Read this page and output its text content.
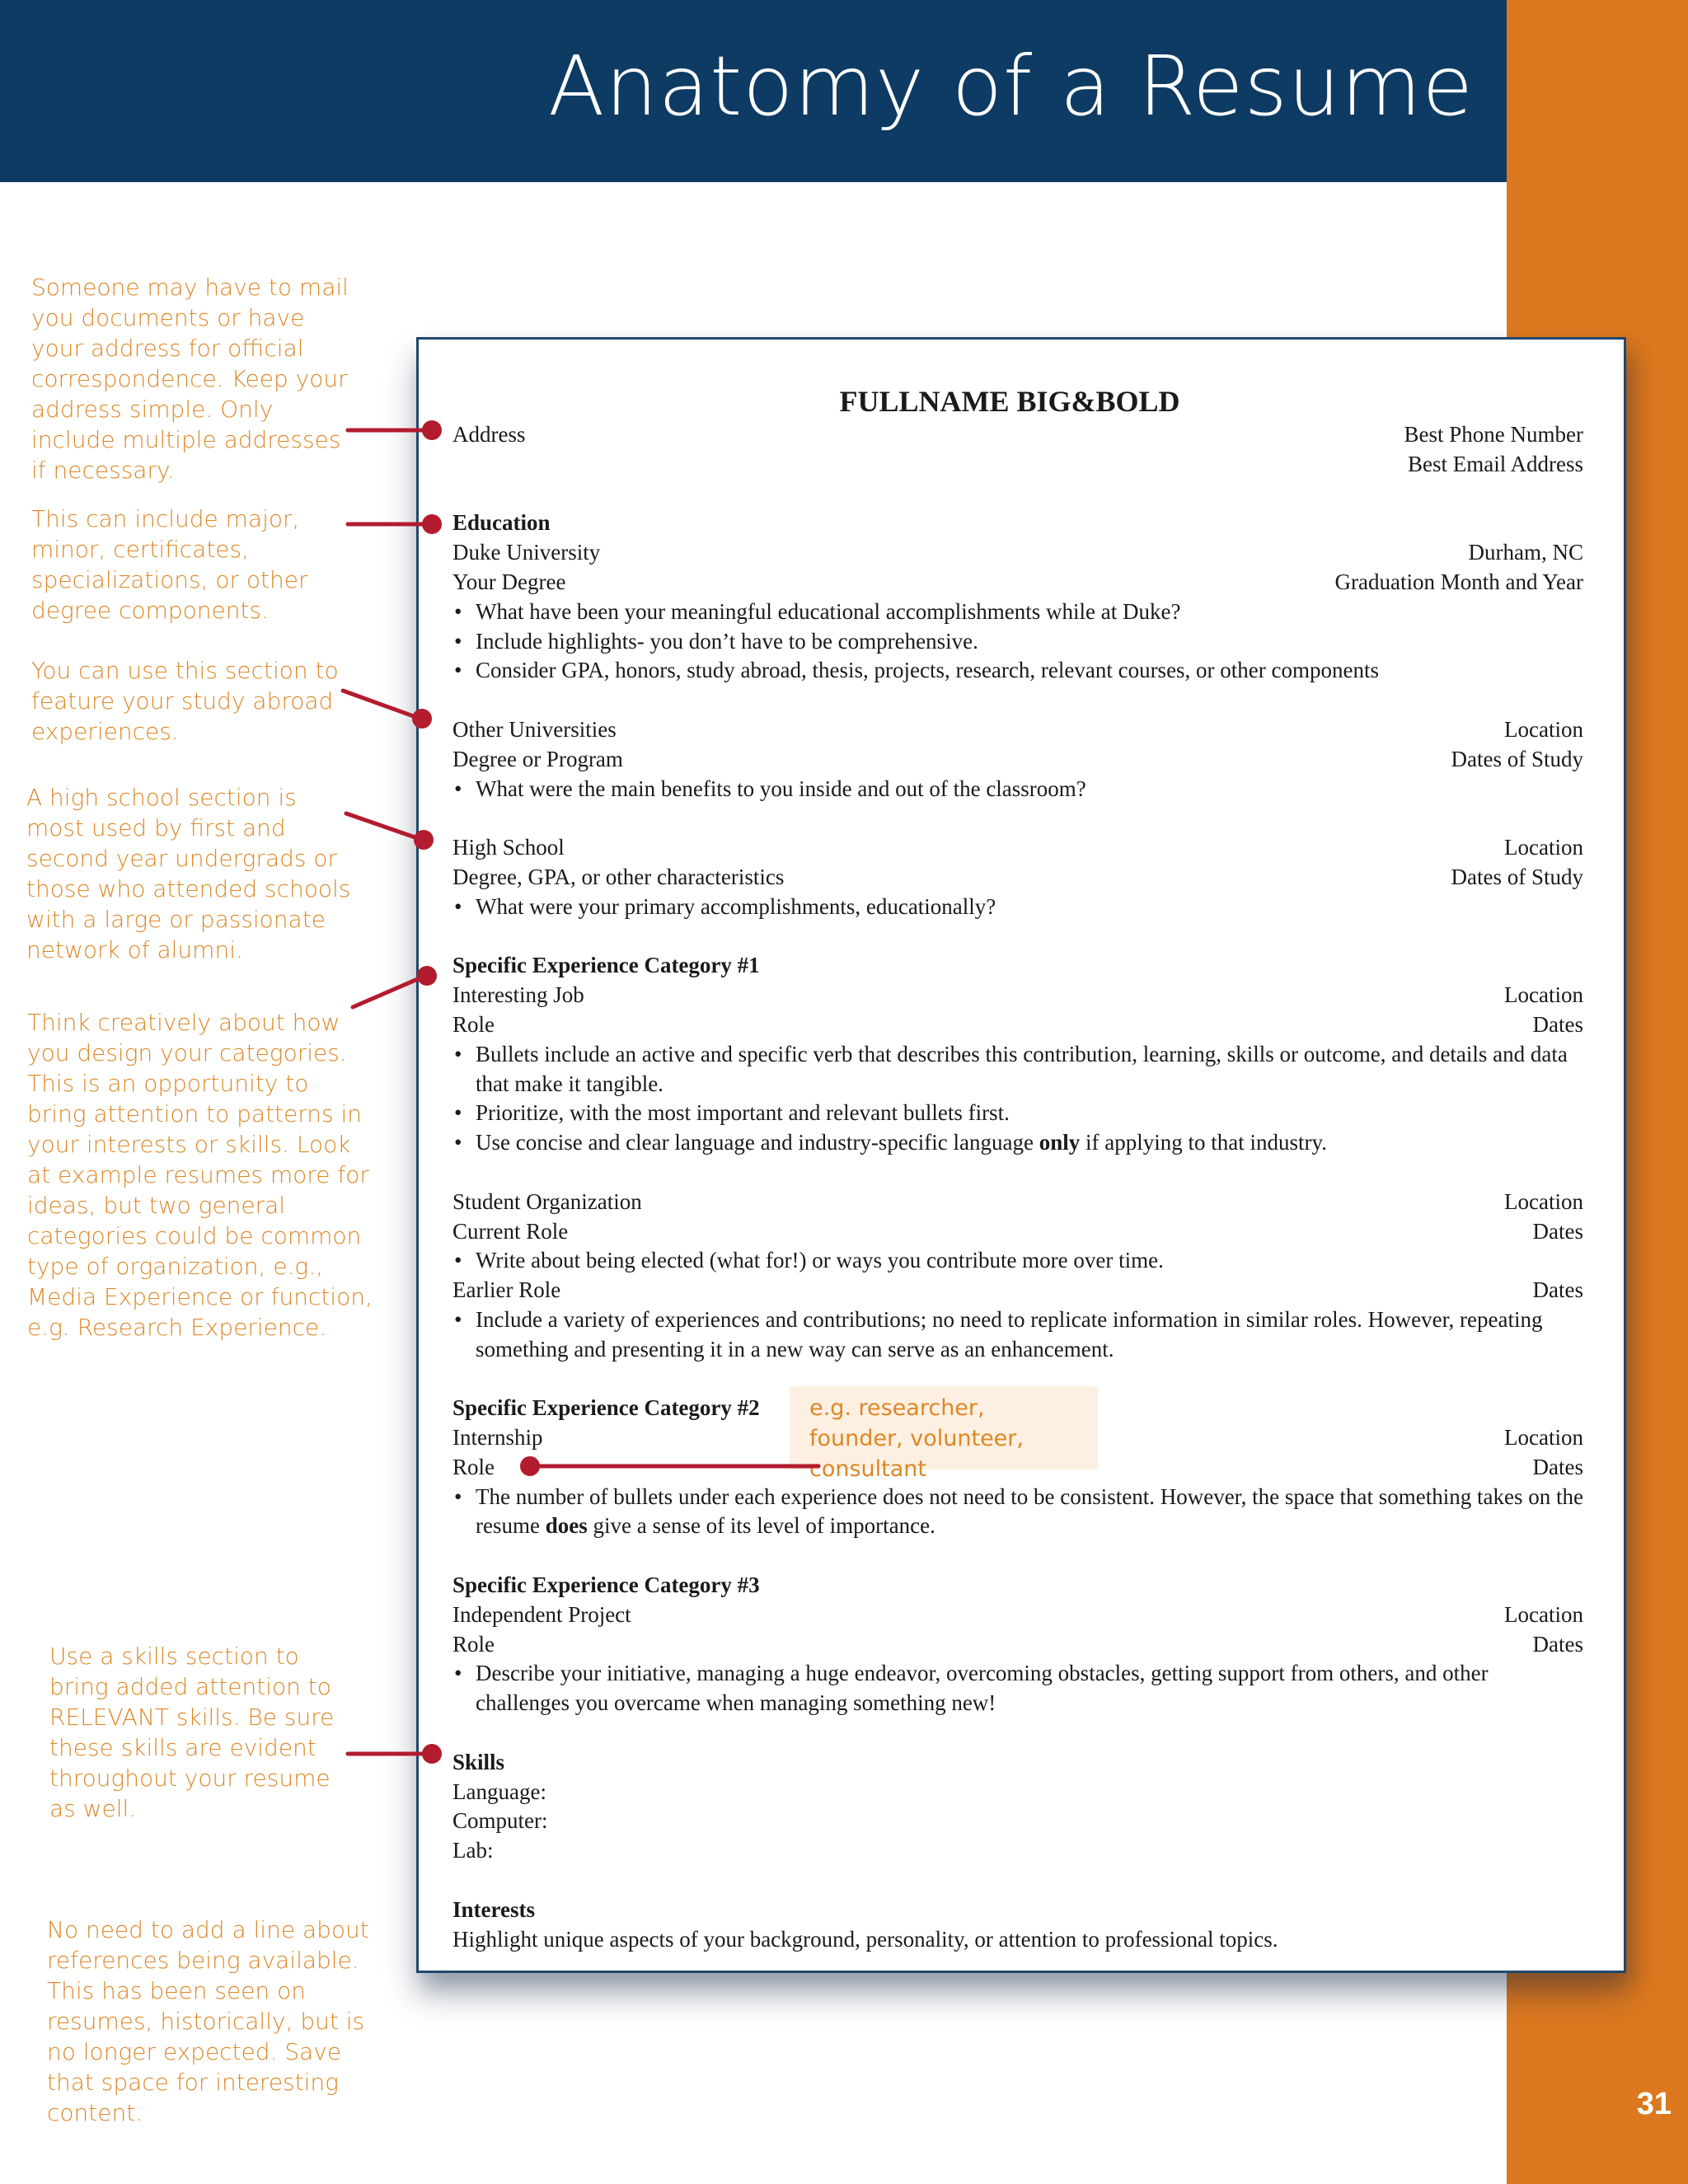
Anatomy of a Resume
31

Someone may have to mail you documents or have your address for official correspondence. Keep your address simple. Only include multiple addresses if necessary.

This can include major, minor, certificates, specializations, or other degree components.

You can use this section to feature your study abroad experiences.

A high school section is most used by first and second year undergrads or those who attended schools with a large or passionate network of alumni.

Think creatively about how you design your categories. This is an opportunity to bring attention to patterns in your interests or skills. Look at example resumes more for ideas, but two general categories could be common type of organization, e.g., Media Experience or function, e.g. Research Experience.

Use a skills section to bring added attention to RELEVANT skills. Be sure these skills are evident throughout your resume as well.

No need to add a line about references being available. This has been seen on resumes, historically, but is no longer expected. Save that space for interesting content.

FULLNAME BIG&BOLD
Address	Best Phone Number
Best Email Address
Education
Duke University	Durham, NC
Your Degree	Graduation Month and Year
• What have been your meaningful educational accomplishments while at Duke?
• Include highlights- you don’t have to be comprehensive.
• Consider GPA, honors, study abroad, thesis, projects, research, relevant courses, or other components
Other Universities	Location
Degree or Program	Dates of Study
• What were the main benefits to you inside and out of the classroom?
High School	Location
Degree, GPA, or other characteristics	Dates of Study
• What were your primary accomplishments, educationally?
Specific Experience Category #1
Interesting Job	Location
Role	Dates
• Bullets include an active and specific verb that describes this contribution, learning, skills or outcome, and details and data that make it tangible.
• Prioritize, with the most important and relevant bullets first.
• Use concise and clear language and industry-specific language only if applying to that industry.
Student Organization	Location
Current Role	Dates
• Write about being elected (what for!) or ways you contribute more over time.
Earlier Role	Dates
• Include a variety of experiences and contributions; no need to replicate information in similar roles. However, repeating something and presenting it in a new way can serve as an enhancement.
Specific Experience Category #2
Internship	Location
Role	Dates
• The number of bullets under each experience does not need to be consistent. However, the space that something takes on the resume does give a sense of its level of importance.
Specific Experience Category #3
Independent Project	Location
Role	Dates
• Describe your initiative, managing a huge endeavor, overcoming obstacles, getting support from others, and other challenges you overcame when managing something new!
Skills
Language:
Computer:
Lab:
Interests
Highlight unique aspects of your background, personality, or attention to professional topics.
e.g. researcher, founder, volunteer, consultant
